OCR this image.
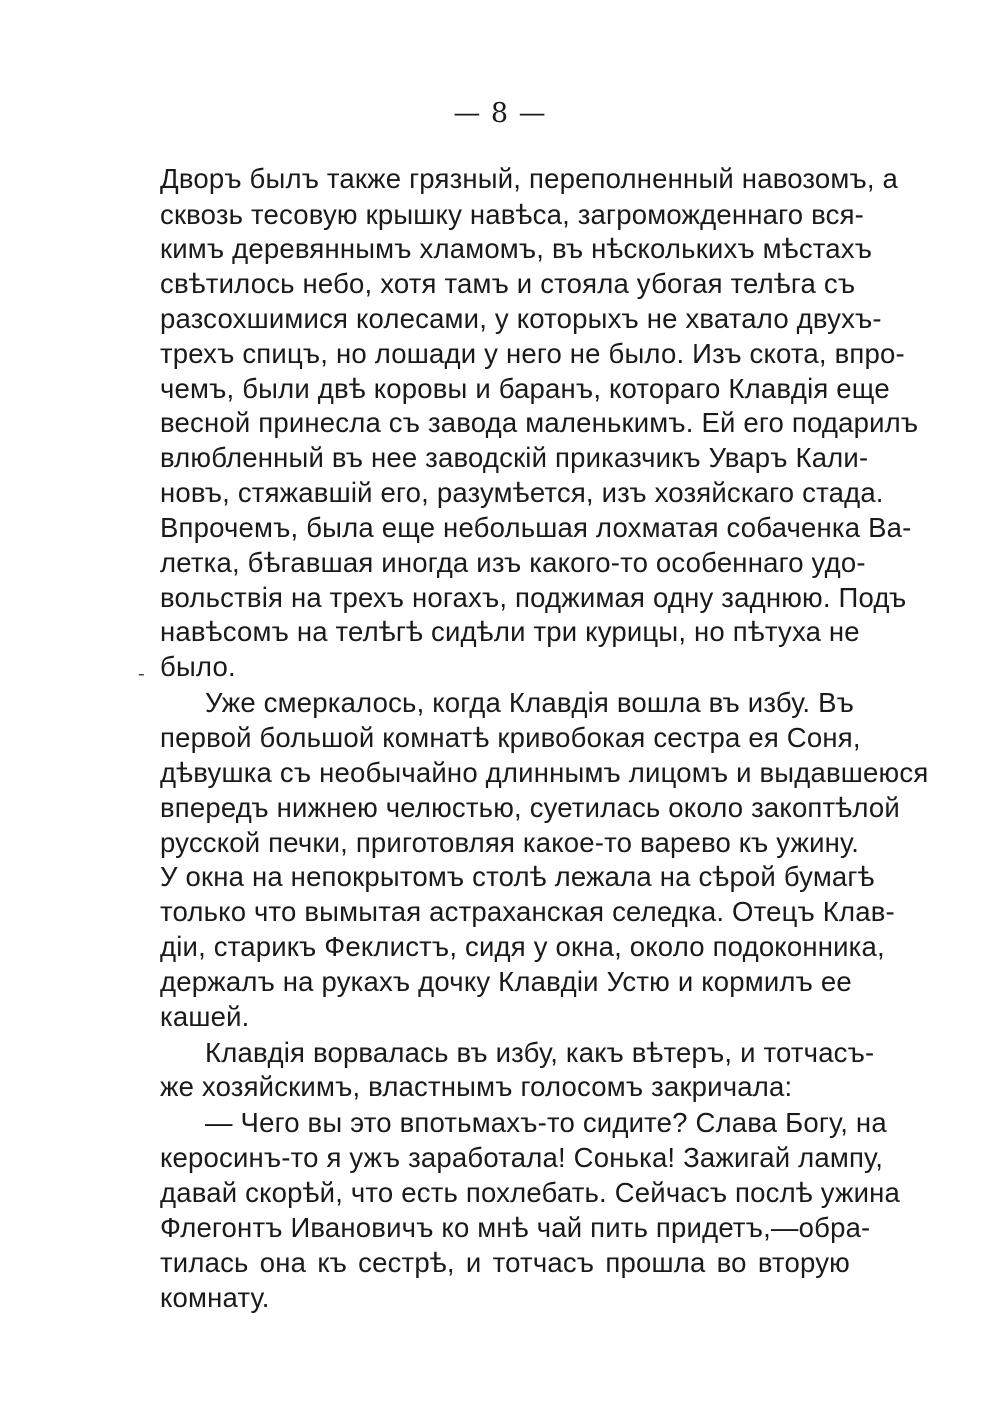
— 8 —
Дворъ былъ также грязный, переполненный навозомъ, а
сквозь тесовую крышку навѣса, загроможденнаго вся-
кимъ деревяннымъ хламомъ, въ нѣсколькихъ мѣстахъ
свѣтилось небо, хотя тамъ и стояла убогая телѣга съ
разсохшимися колесами, у которыхъ не хватало двухъ-
трехъ спицъ, но лошади у него не было. Изъ скота, впро-
чемъ, были двѣ коровы и баранъ, котораго Клавдія еще
весной принесла съ завода маленькимъ. Ей его подарилъ
влюбленный въ нее заводскій приказчикъ Уваръ Кали-
новъ, стяжавшій его, разумѣется, изъ хозяйскаго стада.
Впрочемъ, была еще небольшая лохматая собаченка Ва-
летка, бѣгавшая иногда изъ какого-то особеннаго удо-
вольствія на трехъ ногахъ, поджимая одну заднюю. Подъ
навѣсомъ на телѣгѣ сидѣли три курицы, но пѣтуха не
было.
-
Уже смеркалось, когда Клавдія вошла въ избу. Въ
первой большой комнатѣ кривобокая сестра ея Соня,
дѣвушка съ необычайно длиннымъ лицомъ и выдавшеюся
впередъ нижнею челюстью, суетилась около закоптѣлой
русской печки, приготовляя какое-то варево къ ужину.
У окна на непокрытомъ столѣ лежала на сѣрой бумагѣ
только что вымытая астраханская селедка. Отецъ Клав-
діи, старикъ Феклистъ, сидя у окна, около подоконника,
держалъ на рукахъ дочку Клавдіи Устю и кормилъ ее
кашей.
Клавдія ворвалась въ избу, какъ вѣтеръ, и тотчасъ-
же хозяйскимъ, властнымъ голосомъ закричала:
— Чего вы это впотьмахъ-то сидите? Слава Богу, на
керосинъ-то я ужъ заработала! Сонька! Зажигай лампу,
давай скорѣй, что есть похлебать. Сейчасъ послѣ ужина
Флегонтъ Ивановичъ ко мнѣ чай пить придетъ,—обра-
тилась она къ сестрѣ, и тотчасъ прошла во вторую
комнату.
